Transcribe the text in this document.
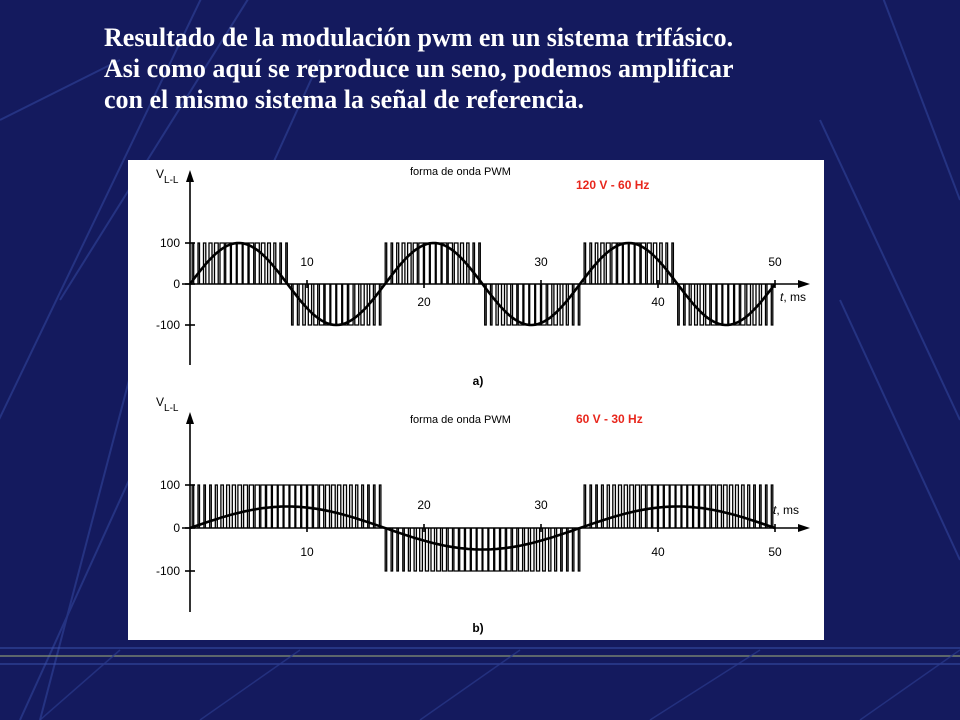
Resultado de la modulación pwm en un sistema trifásico.
Asi como aquí se reproduce un seno, podemos amplificar
con el mismo sistema la señal de referencia.
100
0
-100
10
20
30
40
50
$V_{L-L}$
forma de onda PWM
120 V - 60 Hz
t, ms
a)
100
0
-100
10
20	30
40	50
$V_{L-L}$
forma de onda PWM	60 V - 30 Hz
t, ms
b)
